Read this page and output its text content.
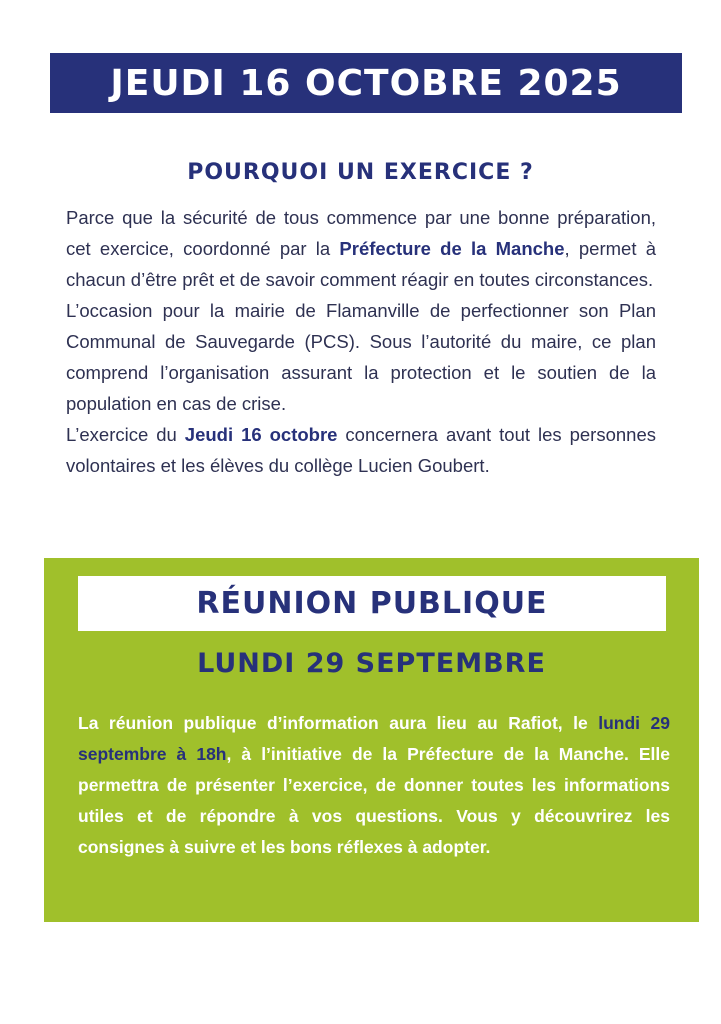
JEUDI 16 OCTOBRE 2025
POURQUOI UN EXERCICE ?

Parce que la sécurité de tous commence par une bonne préparation, cet exercice, coordonné par la Préfecture de la Manche, permet à chacun d’être prêt et de savoir comment réagir en toutes circonstances.

L’occasion pour la mairie de Flamanville de perfectionner son Plan Communal de Sauvegarde (PCS). Sous l’autorité du maire, ce plan comprend l’organisation assurant la protection et le soutien de la population en cas de crise.

L’exercice du Jeudi 16 octobre concernera avant tout les personnes volontaires et les élèves du collège Lucien Goubert.

RÉUNION PUBLIQUE
LUNDI 29 SEPTEMBRE
La réunion publique d’information aura lieu au Rafiot, le lundi 29 septembre à 18h, à l’initiative de la Préfecture de la Manche. Elle permettra de présenter l’exercice, de donner toutes les informations utiles et de répondre à vos questions. Vous y découvrirez les consignes à suivre et les bons réflexes à adopter.
